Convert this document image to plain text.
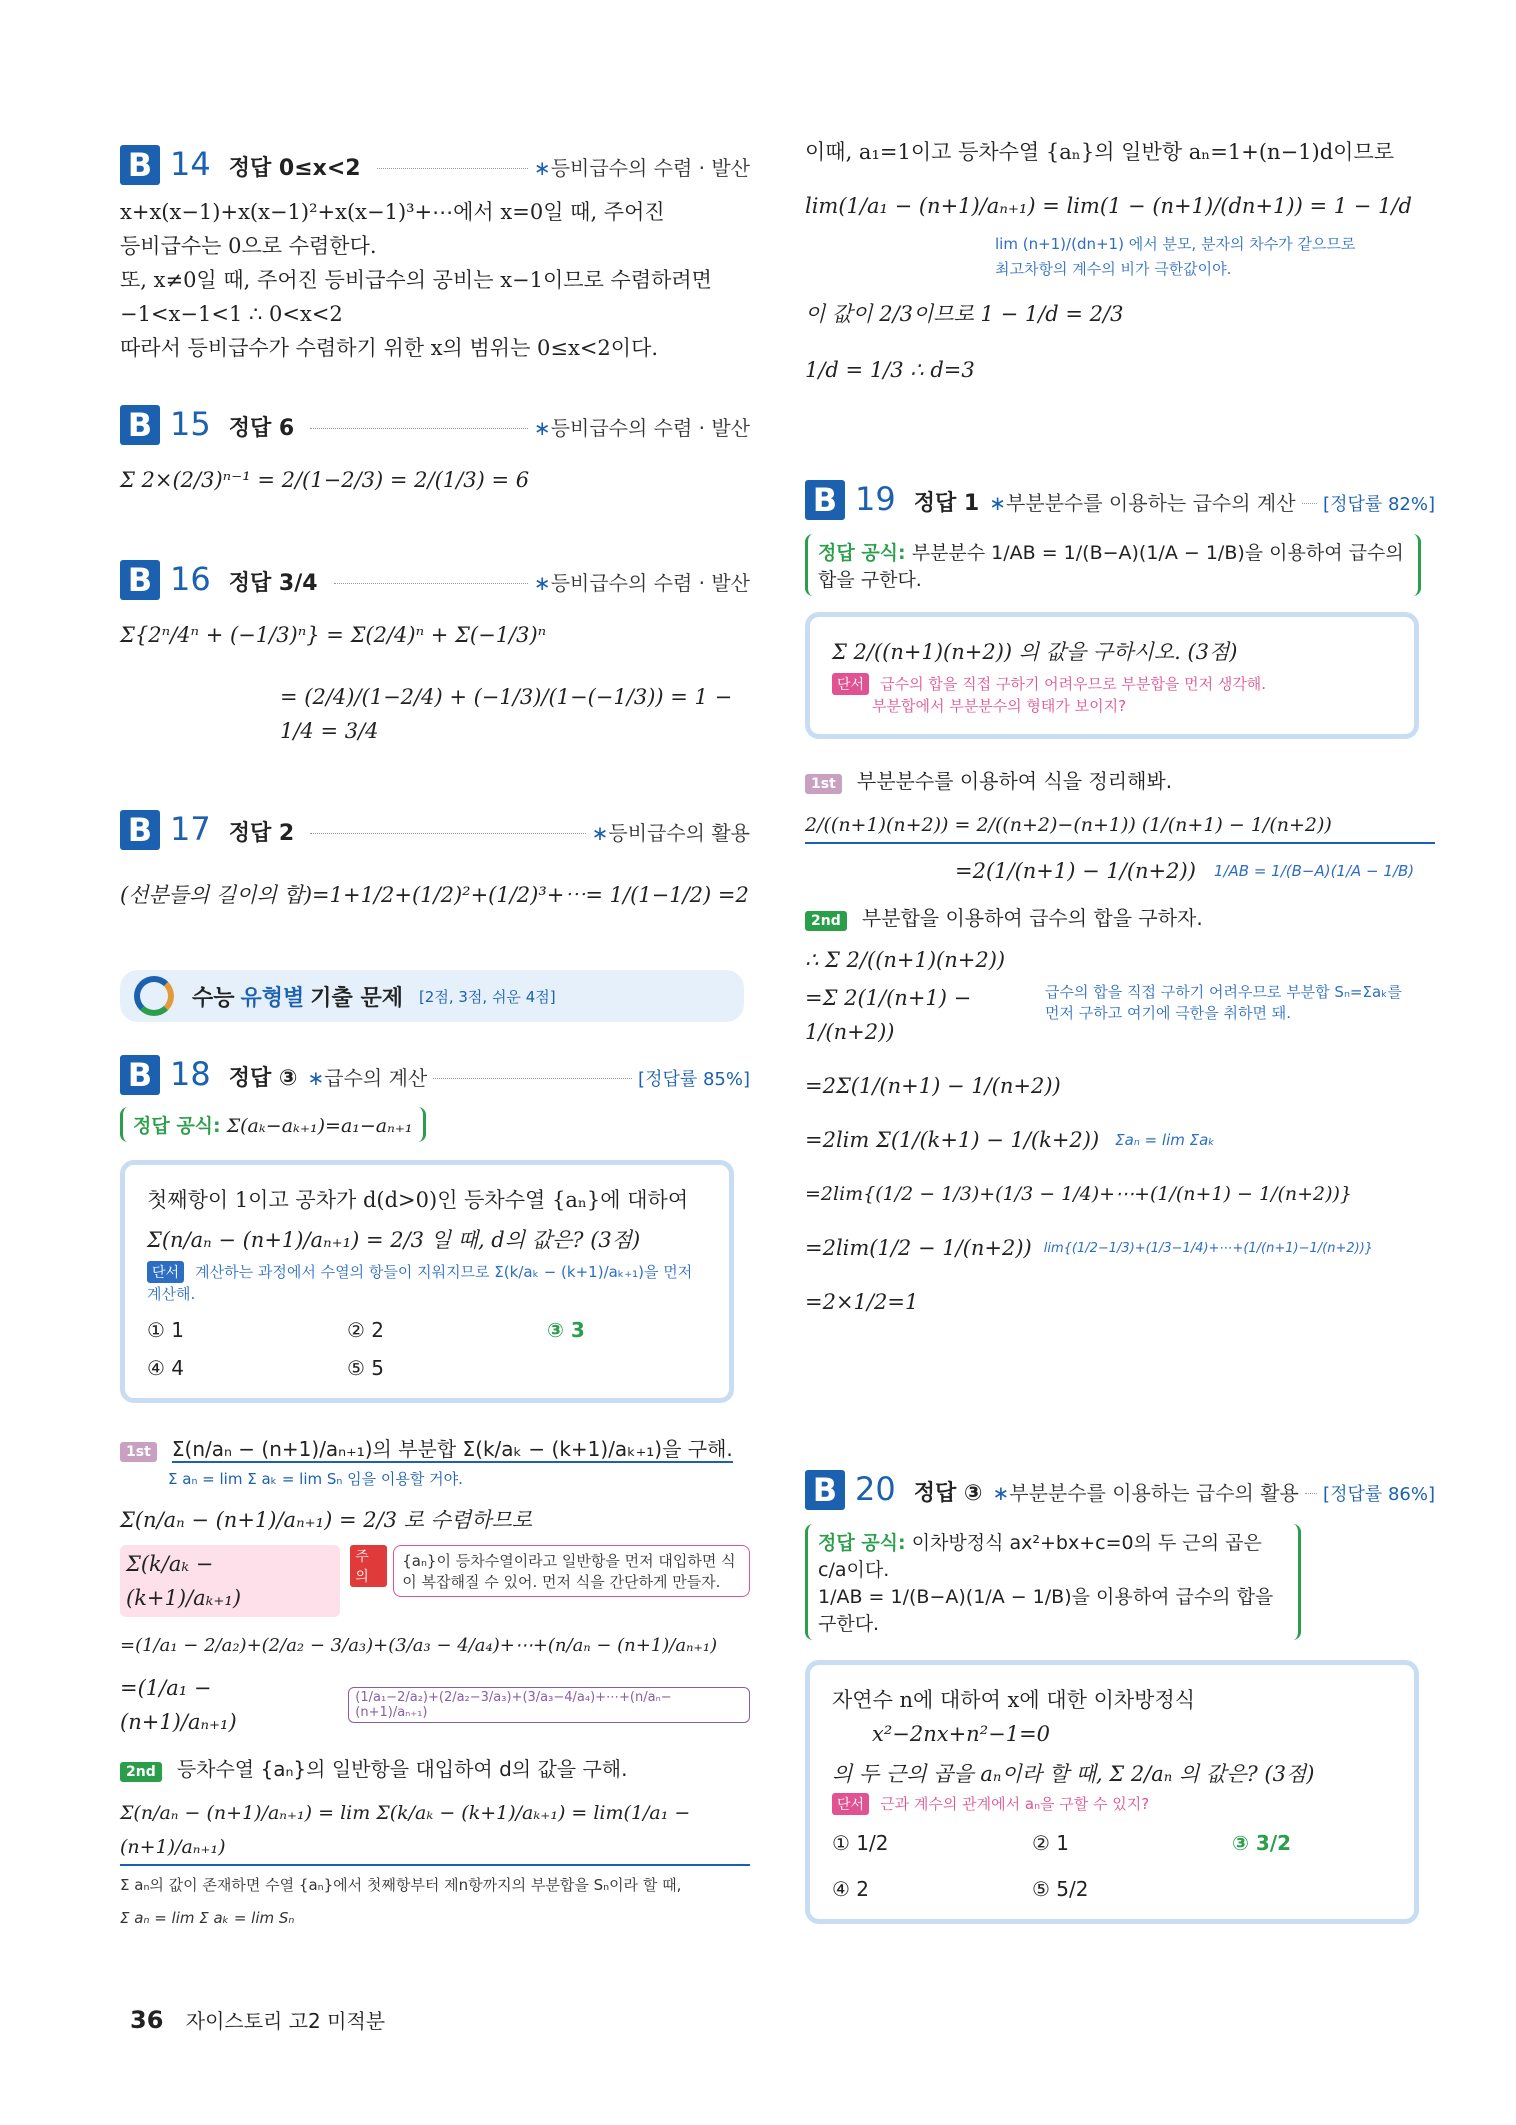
B 14 정답 0≤x<2	∗등비급수의 수렴 · 발산
x+x(x−1)+x(x−1)²+x(x−1)³+⋯에서 x=0일 때, 주어진
등비급수는 0으로 수렴한다.
또, x≠0일 때, 주어진 등비급수의 공비는 x−1이므로 수렴하려면
−1<x−1<1 ∴ 0<x<2
따라서 등비급수가 수렴하기 위한 x의 범위는 0≤x<2이다.
B 15 정답 6	∗등비급수의 수렴 · 발산
Σ 2×(2/3)ⁿ⁻¹ = 2/(1−2/3) = 2/(1/3) = 6
B 16 정답 3/4	∗등비급수의 수렴 · 발산
Σ{2ⁿ/4ⁿ + (−1/3)ⁿ} = Σ(2/4)ⁿ + Σ(−1/3)ⁿ
= (2/4)/(1−2/4) + (−1/3)/(1−(−1/3)) = 1 − 1/4 = 3/4
B 17 정답 2	∗등비급수의 활용
(선분들의 길이의 합)=1+1/2+(1/2)²+(1/2)³+⋯= 1/(1−1/2) =2
수능 유형별 기출 문제 [2점, 3점, 쉬운 4점]
B 18 정답 ③ ∗급수의 계산	[정답률 85%]
정답 공식: Σ(aₖ−aₖ₊₁)=a₁−aₙ₊₁
첫째항이 1이고 공차가 d(d>0)인 등차수열 {aₙ}에 대하여
Σ(n/aₙ − (n+1)/aₙ₊₁) = 2/3 일 때, d의 값은? (3점)
단서 계산하는 과정에서 수열의 항들이 지워지므로 Σ(k/aₖ − (k+1)/aₖ₊₁)을 먼저 계산해.
① 1	② 2	③ 3
④ 4	⑤ 5
1st Σ(n/aₙ − (n+1)/aₙ₊₁)의 부분합 Σ(k/aₖ − (k+1)/aₖ₊₁)을 구해.
Σ aₙ = lim Σ aₖ = lim Sₙ 임을 이용할 거야.
Σ(n/aₙ − (n+1)/aₙ₊₁) = 2/3 로 수렴하므로
Σ(k/aₖ − (k+1)/aₖ₊₁)
주의
{aₙ}이 등차수열이라고 일반항을 먼저 대입하면 식이 복잡해질 수 있어. 먼저 식을 간단하게 만들자.
=(1/a₁ − 2/a₂)+(2/a₂ − 3/a₃)+(3/a₃ − 4/a₄)+⋯+(n/aₙ − (n+1)/aₙ₊₁)
=(1/a₁ − (n+1)/aₙ₊₁)
(1/a₁−2/a₂)+(2/a₂−3/a₃)+(3/a₃−4/a₄)+⋯+(n/aₙ−(n+1)/aₙ₊₁)
2nd 등차수열 {aₙ}의 일반항을 대입하여 d의 값을 구해.
Σ(n/aₙ − (n+1)/aₙ₊₁) = lim Σ(k/aₖ − (k+1)/aₖ₊₁) = lim(1/a₁ − (n+1)/aₙ₊₁)
Σ aₙ의 값이 존재하면 수열 {aₙ}에서 첫째항부터 제n항까지의 부분합을 Sₙ이라 할 때,
Σ aₙ = lim Σ aₖ = lim Sₙ
이때, a₁=1이고 등차수열 {aₙ}의 일반항 aₙ=1+(n−1)d이므로
lim(1/a₁ − (n+1)/aₙ₊₁) = lim(1 − (n+1)/(dn+1)) = 1 − 1/d
lim (n+1)/(dn+1) 에서 분모, 분자의 차수가 같으므로
최고차항의 계수의 비가 극한값이야.
이 값이 2/3이므로 1 − 1/d = 2/3
1/d = 1/3 ∴ d=3
B 19 정답 1 ∗부분분수를 이용하는 급수의 계산 [정답률 82%]
정답 공식: 부분분수 1/AB = 1/(B−A)(1/A − 1/B)을 이용하여 급수의 합을 구한다.
Σ 2/((n+1)(n+2)) 의 값을 구하시오. (3점)
단서 급수의 합을 직접 구하기 어려우므로 부분합을 먼저 생각해.
부분합에서 부분분수의 형태가 보이지?
1st 부분분수를 이용하여 식을 정리해봐.
2/((n+1)(n+2)) = 2/((n+2)−(n+1)) (1/(n+1) − 1/(n+2))
=2(1/(n+1) − 1/(n+2)) 1/AB = 1/(B−A)(1/A − 1/B)
2nd 부분합을 이용하여 급수의 합을 구하자.
∴ Σ 2/((n+1)(n+2))
=Σ 2(1/(n+1) − 1/(n+2))
급수의 합을 직접 구하기 어려우므로 부분합 Sₙ=Σaₖ를
먼저 구하고 여기에 극한을 취하면 돼.
=2Σ(1/(n+1) − 1/(n+2))
=2lim Σ(1/(k+1) − 1/(k+2)) Σaₙ = lim Σaₖ
=2lim{(1/2 − 1/3)+(1/3 − 1/4)+⋯+(1/(n+1) − 1/(n+2))}
=2lim(1/2 − 1/(n+2)) lim{(1/2−1/3)+(1/3−1/4)+⋯+(1/(n+1)−1/(n+2))}
=2×1/2=1
B 20 정답 ③ ∗부분분수를 이용하는 급수의 활용 [정답률 86%]
정답 공식: 이차방정식 ax²+bx+c=0의 두 근의 곱은 c/a이다.
1/AB = 1/(B−A)(1/A − 1/B)을 이용하여 급수의 합을 구한다.
자연수 n에 대하여 x에 대한 이차방정식
x²−2nx+n²−1=0
의 두 근의 곱을 aₙ이라 할 때, Σ 2/aₙ 의 값은? (3점)
단서 근과 계수의 관계에서 aₙ을 구할 수 있지?
① 1/2	② 1	③ 3/2
④ 2	⑤ 5/2
36 자이스토리 고2 미적분
